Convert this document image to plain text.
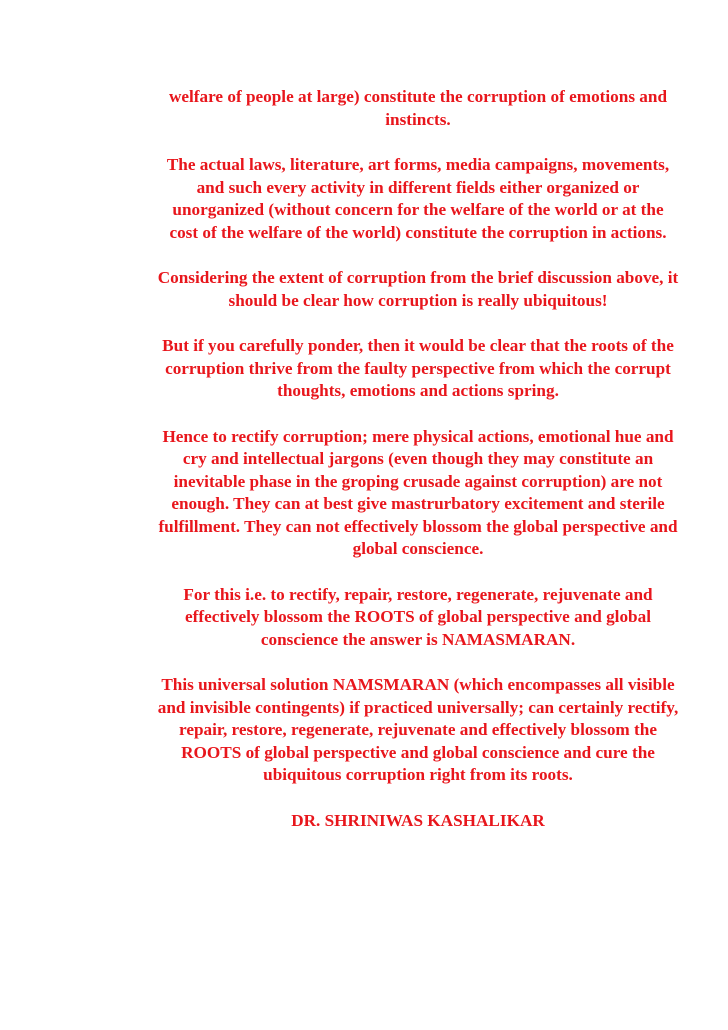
welfare of people at large) constitute the corruption of emotions and
instincts.
The actual laws, literature, art forms, media campaigns, movements,
and such every activity in different fields either organized or
unorganized (without concern for the welfare of the world or at the
cost of the welfare of the world) constitute the corruption in actions.
Considering the extent of corruption from the brief discussion above, it
should be clear how corruption is really ubiquitous!
But if you carefully ponder, then it would be clear that the roots of the
corruption thrive from the faulty perspective from which the corrupt
thoughts, emotions and actions spring.
Hence to rectify corruption; mere physical actions, emotional hue and
cry and intellectual jargons (even though they may constitute an
inevitable phase in the groping crusade against corruption) are not
enough. They can at best give mastrurbatory excitement and sterile
fulfillment. They can not effectively blossom the global perspective and
global conscience.
For this i.e. to rectify, repair, restore, regenerate, rejuvenate and
effectively blossom the ROOTS of global perspective and global
conscience the answer is NAMASMARAN.
This universal solution NAMSMARAN (which encompasses all visible
and invisible contingents) if practiced universally; can certainly rectify,
repair, restore, regenerate, rejuvenate and effectively blossom the
ROOTS of global perspective and global conscience and cure the
ubiquitous corruption right from its roots.
DR. SHRINIWAS KASHALIKAR
